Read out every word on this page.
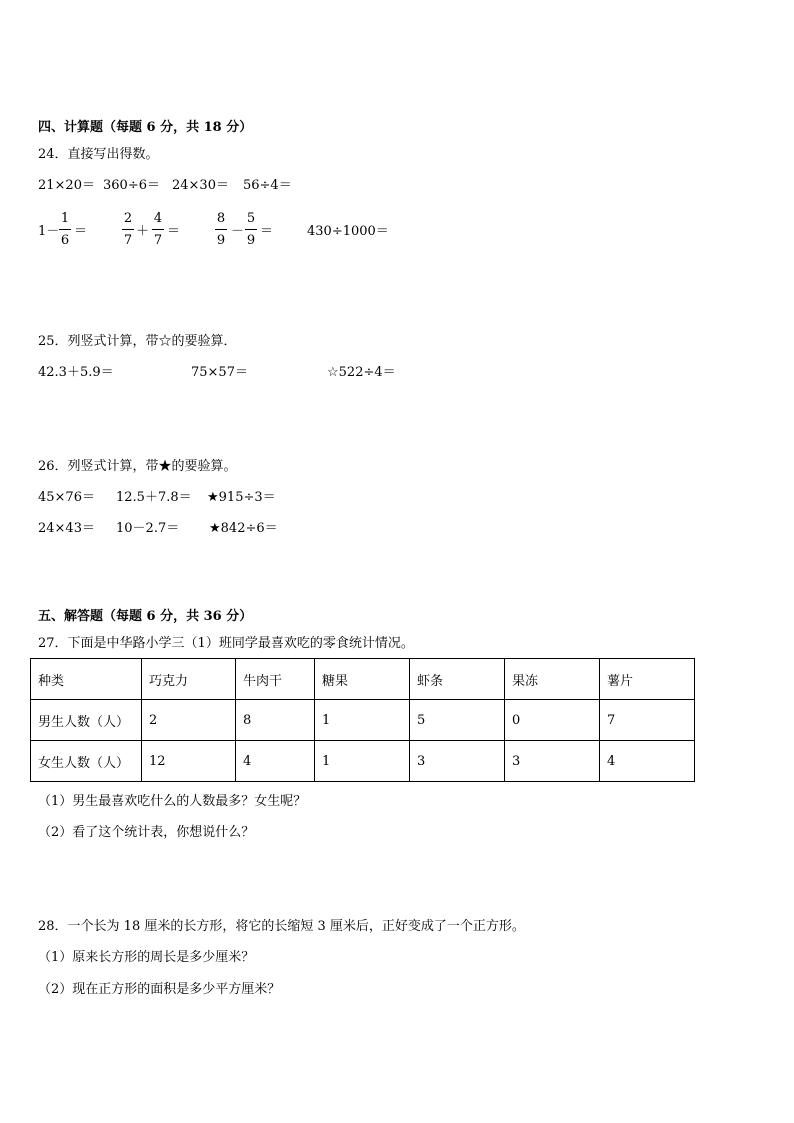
四、计算题（每题 6 分，共 18 分）
24．直接写出得数。
21×20＝ 360÷6＝ 24×30＝ 56÷4＝
1－
1
6
＝
2
7
＋
4
7
＝
8
9
－
5
9
＝	430÷1000＝
25．列竖式计算，带☆的要验算．
42.3＋5.9＝	75×57＝	☆522÷4＝
26．列竖式计算，带★的要验算。
45×76＝ 12.5＋7.8＝ ★915÷3＝
24×43＝ 10－2.7＝ ★842÷6＝
五、解答题（每题 6 分，共 36 分）
27．下面是中华路小学三（1）班同学最喜欢吃的零食统计情况。
种类	巧克力	牛肉干	糖果	虾条	果冻	薯片
男生人数（人）	2	8	1	5	0	7
女生人数（人）	12	4	1	3	3	4
（1）男生最喜欢吃什么的人数最多？女生呢？
（2）看了这个统计表，你想说什么？
28．一个长为 18 厘米的长方形，将它的长缩短 3 厘米后，正好变成了一个正方形。
（1）原来长方形的周长是多少厘米？
（2）现在正方形的面积是多少平方厘米？
